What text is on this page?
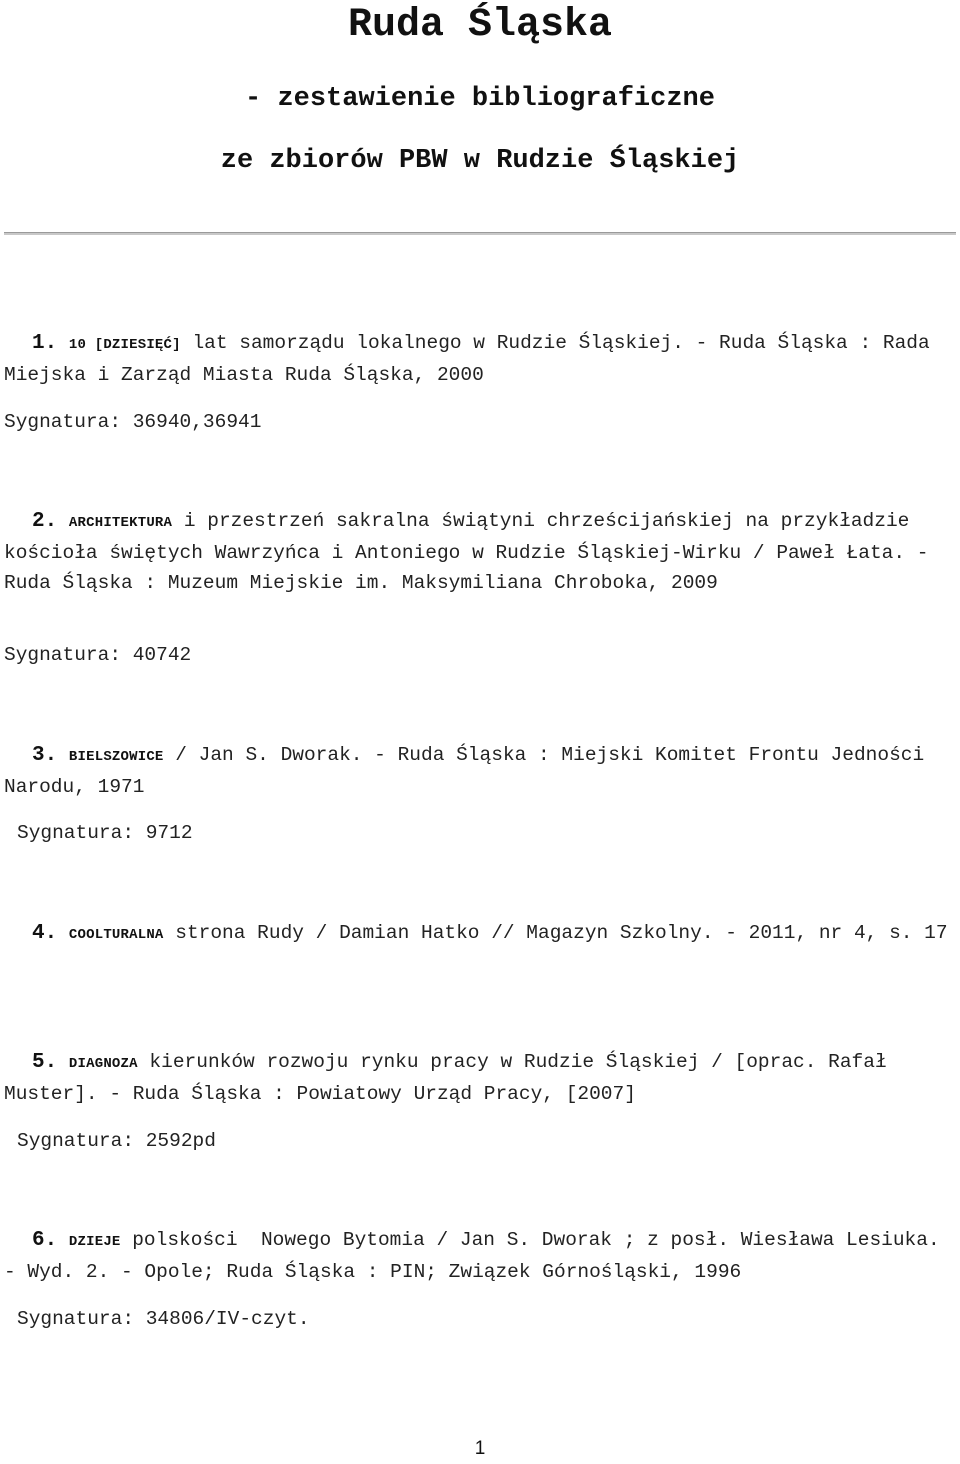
Ruda Śląska
- zestawienie bibliograficzne
ze zbiorów PBW w Rudzie Śląskiej
1. 10 [DZIESIĘĆ] lat samorządu lokalnego w Rudzie Śląskiej. - Ruda Śląska : Rada Miejska i Zarząd Miasta Ruda Śląska, 2000
Sygnatura: 36940,36941
2. ARCHITEKTURA i przestrzeń sakralna świątyni chrześcijańskiej na przykładzie kościoła świętych Wawrzyńca i Antoniego w Rudzie Śląskiej-Wirku / Paweł Łata. - Ruda Śląska : Muzeum Miejskie im. Maksymiliana Chroboka, 2009
Sygnatura: 40742
3. BIELSZOWICE / Jan S. Dworak. - Ruda Śląska : Miejski Komitet Frontu Jedności Narodu, 1971
Sygnatura: 9712
4. COOLTURALNA strona Rudy / Damian Hatko // Magazyn Szkolny. - 2011, nr 4, s. 17
5. DIAGNOZA kierunków rozwoju rynku pracy w Rudzie Śląskiej / [oprac. Rafał Muster]. - Ruda Śląska : Powiatowy Urząd Pracy, [2007]
Sygnatura: 2592pd
6. DZIEJE polskości  Nowego Bytomia / Jan S. Dworak ; z posł. Wiesława Lesiuka. - Wyd. 2. - Opole; Ruda Śląska : PIN; Związek Górnośląski, 1996
Sygnatura: 34806/IV-czyt.
1
